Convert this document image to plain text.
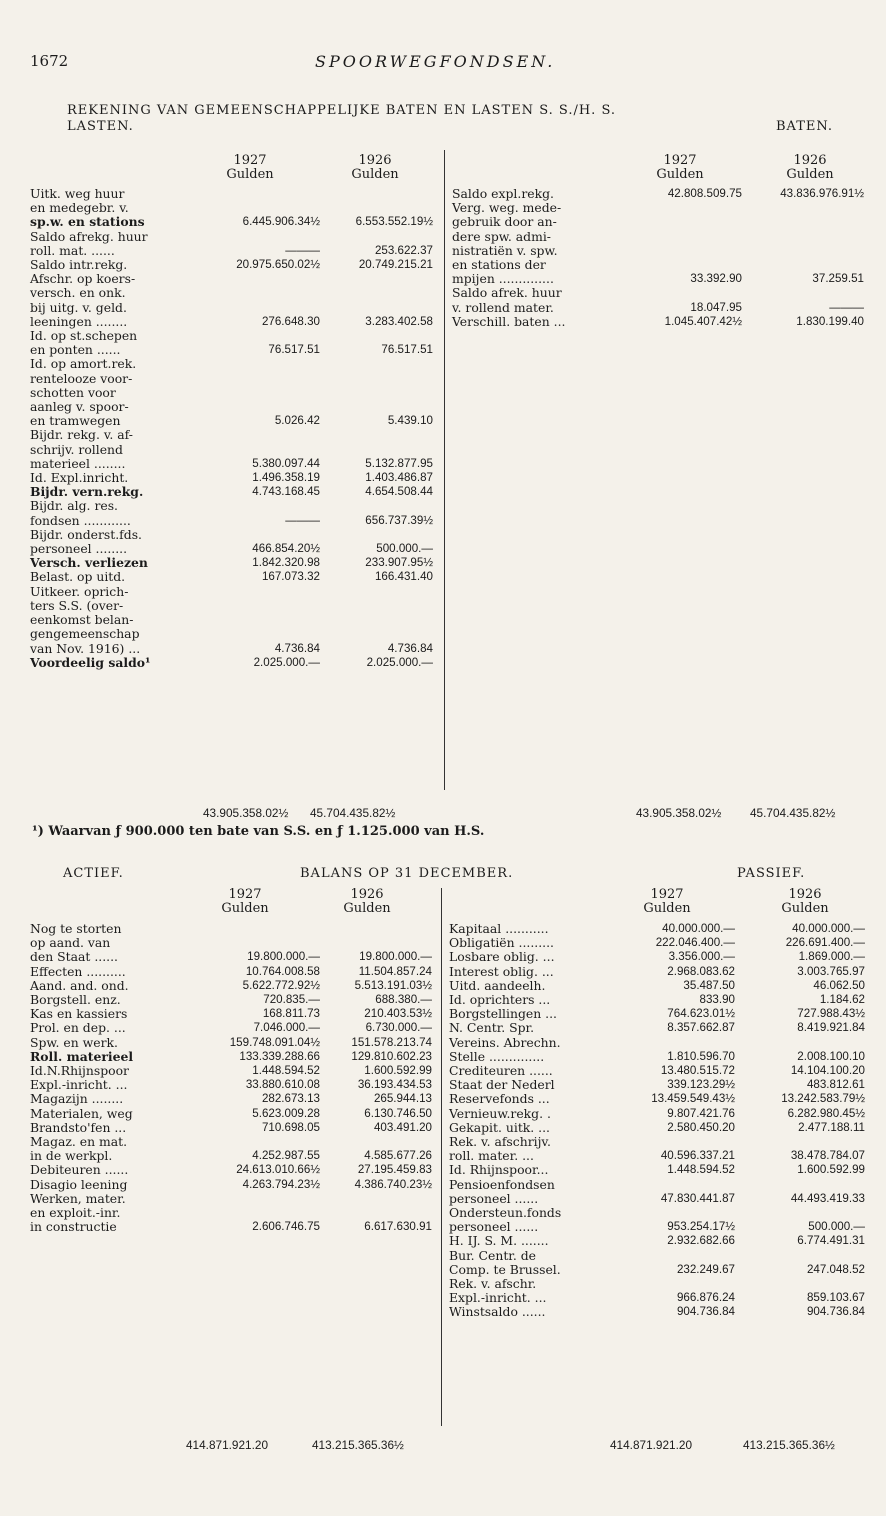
1672	SPOORWEGFONDSEN.
REKENING VAN GEMEENSCHAPPELIJKE BATEN EN LASTEN S. S./H. S.
LASTEN.	BATEN.
1927
Gulden
1926
Gulden
1927
Gulden
1926
Gulden
Uitk. weg huur		
en medegebr. v.		
sp.w. en stations	6.445.906.34½	6.553.552.19½
Saldo afrekg. huur		
roll. mat. ......	———	253.622.37
Saldo intr.rekg.	20.975.650.02½	20.749.215.21
Afschr. op koers-		
versch. en onk.		
bij uitg. v. geld.		
leeningen ........	276.648.30	3.283.402.58
Id. op st.schepen		
en ponten ......	76.517.51	76.517.51
Id. op amort.rek.		
rentelooze voor-		
schotten voor		
aanleg v. spoor-		
en tramwegen	5.026.42	5.439.10
Bijdr. rekg. v. af-		
schrijv. rollend		
materieel ........	5.380.097.44	5.132.877.95
Id. Expl.inricht.	1.496.358.19	1.403.486.87
Bijdr. vern.rekg.	4.743.168.45	4.654.508.44
Bijdr. alg. res.		
fondsen ............	———	656.737.39½
Bijdr. onderst.fds.		
personeel ........	466.854.20½	500.000.—
Versch. verliezen	1.842.320.98	233.907.95½
Belast. op uitd.	167.073.32	166.431.40
Uitkeer. oprich-		
ters S.S. (over-		
eenkomst belan-		
gengemeenschap		
van Nov. 1916) ...	4.736.84	4.736.84
Voordeelig saldo¹	2.025.000.—	2.025.000.—
Saldo expl.rekg.	42.808.509.75	43.836.976.91½
Verg. weg. mede-		
gebruik door an-		
dere spw. admi-		
nistratiën v. spw.		
en stations der		
mpijen ..............	33.392.90	37.259.51
Saldo afrek. huur		
v. rollend mater.	18.047.95	———
Verschill. baten ...	1.045.407.42½	1.830.199.40
43.905.358.02½ 45.704.435.82½	43.905.358.02½ 45.704.435.82½
¹) Waarvan ƒ 900.000 ten bate van S.S. en ƒ 1.125.000 van H.S.
ACTIEF.	BALANS OP 31 DECEMBER.	PASSIEF.
1927
Gulden
1926
Gulden
1927
Gulden
1926
Gulden
Nog te storten		
op aand. van		
den Staat ......	19.800.000.—	19.800.000.—
Effecten ..........	10.764.008.58	11.504.857.24
Aand. and. ond.	5.622.772.92½	5.513.191.03½
Borgstell. enz.	720.835.—	688.380.—
Kas en kassiers	168.811.73	210.403.53½
Prol. en dep. ...	7.046.000.—	6.730.000.—
Spw. en werk.	159.748.091.04½	151.578.213.74
Roll. materieel	133.339.288.66	129.810.602.23
Id.N.Rhijnspoor	1.448.594.52	1.600.592.99
Expl.-inricht. ...	33.880.610.08	36.193.434.53
Magazijn ........	282.673.13	265.944.13
Materialen, weg	5.623.009.28	6.130.746.50
Brandsto'fen ...	710.698.05	403.491.20
Magaz. en mat.		
in de werkpl.	4.252.987.55	4.585.677.26
Debiteuren ......	24.613.010.66½	27.195.459.83
Disagio leening	4.263.794.23½	4.386.740.23½
Werken, mater.		
en exploit.-inr.		
in constructie	2.606.746.75	6.617.630.91
Kapitaal ...........	40.000.000.—	40.000.000.—
Obligatiën .........	222.046.400.—	226.691.400.—
Losbare oblig. ...	3.356.000.—	1.869.000.—
Interest oblig. ...	2.968.083.62	3.003.765.97
Uitd. aandeelh.	35.487.50	46.062.50
Id. oprichters ...	833.90	1.184.62
Borgstellingen ...	764.623.01½	727.988.43½
N. Centr. Spr.	8.357.662.87	8.419.921.84
Vereins. Abrechn.		
Stelle ..............	1.810.596.70	2.008.100.10
Crediteuren ......	13.480.515.72	14.104.100.20
Staat der Nederl	339.123.29½	483.812.61
Reservefonds ...	13.459.549.43½	13.242.583.79½
Vernieuw.rekg. .	9.807.421.76	6.282.980.45½
Gekapit. uitk. ...	2.580.450.20	2.477.188.11
Rek. v. afschrijv.		
roll. mater. ...	40.596.337.21	38.478.784.07
Id. Rhijnspoor...	1.448.594.52	1.600.592.99
Pensioenfondsen		
personeel ......	47.830.441.87	44.493.419.33
Ondersteun.fonds		
personeel ......	953.254.17½	500.000.—
H. IJ. S. M. .......	2.932.682.66	6.774.491.31
Bur. Centr. de		
Comp. te Brussel.	232.249.67	247.048.52
Rek. v. afschr.		
Expl.-inricht. ...	966.876.24	859.103.67
Winstsaldo ......	904.736.84	904.736.84
414.871.921.20	413.215.365.36½	414.871.921.20	413.215.365.36½
